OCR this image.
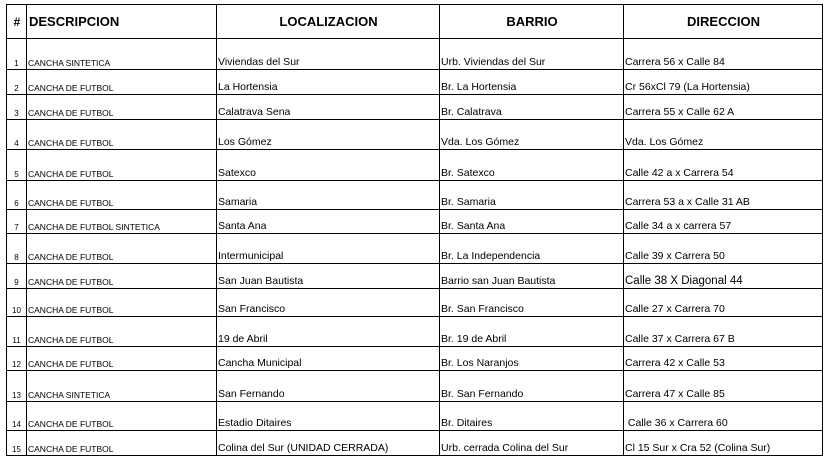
#	DESCRIPCION	LOCALIZACION	BARRIO	DIRECCION
1	CANCHA SINTETICA	Viviendas del Sur	Urb. Viviendas del Sur	Carrera 56 x Calle 84
2	CANCHA DE FUTBOL	La Hortensia	Br. La Hortensia	Cr 56xCl 79 (La Hortensia)
3	CANCHA DE FUTBOL	Calatrava Sena	Br. Calatrava	Carrera 55 x Calle 62 A
4	CANCHA DE FUTBOL	Los Gómez	Vda. Los Gómez	Vda. Los Gómez
5	CANCHA DE FUTBOL	Satexco	Br. Satexco	Calle 42 a x Carrera 54
6	CANCHA DE FUTBOL	Samaria	Br. Samaria	Carrera 53 a x Calle 31 AB
7	CANCHA DE FUTBOL SINTETICA	Santa Ana	Br. Santa Ana	Calle 34 a x carrera 57
8	CANCHA DE FUTBOL	Intermunicipal	Br. La Independencia	Calle 39 x Carrera 50
9	CANCHA DE FUTBOL	San Juan Bautista	Barrio san Juan Bautista	Calle 38 X Diagonal 44
10	CANCHA DE FUTBOL	San Francisco	Br. San Francisco	Calle 27 x Carrera 70
11	CANCHA DE FUTBOL	19 de Abril	Br. 19 de Abril	Calle 37 x Carrera 67 B
12	CANCHA DE FUTBOL	Cancha Municipal	Br. Los Naranjos	Carrera 42 x Calle 53
13	CANCHA SINTETICA	San Fernando	Br. San Fernando	Carrera 47 x Calle 85
14	CANCHA DE FUTBOL	Estadio Ditaires	Br. Ditaires	Calle 36 x Carrera 60
15	CANCHA DE FUTBOL	Colina del Sur (UNIDAD CERRADA)	Urb. cerrada Colina del Sur	Cl 15 Sur x Cra 52 (Colina Sur)
